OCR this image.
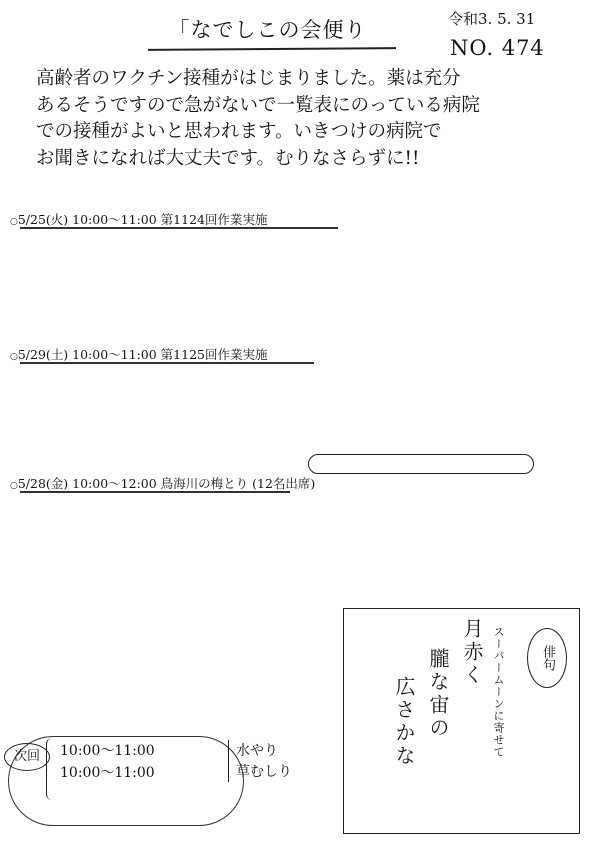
「なでしこの会便り	令和3. 5. 31
NO. 474
高齢者のワクチン接種がはじまりました。薬は充分
あるそうですので急がないで一覧表にのっている病院
での接種がよいと思われます。いきつけの病院で
お聞きになれば大丈夫です。むりなさらずに!!
○5/25(火) 10:00〜11:00 第1124回作業実施
○5/29(土) 10:00〜11:00 第1125回作業実施
○5/28(金) 10:00〜12:00 鳥海川の梅とり (12名出席)
次回	10:00〜11:00
10:00〜11:00
水やり
草むしり
俳句
スーパームーンに寄せて
月赤く
朧な宙の
広さかな
